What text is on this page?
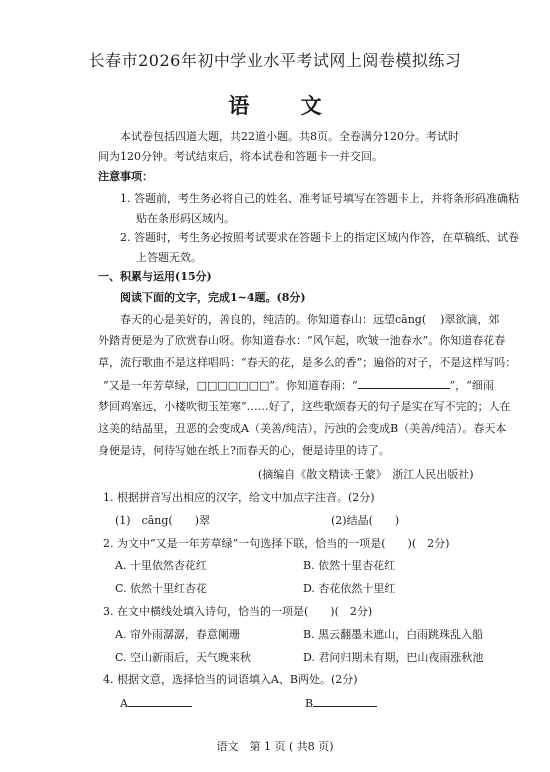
长春市2026年初中学业水平考试网上阅卷模拟练习
语 文
本试卷包括四道大题，共22道小题。共8页。全卷满分120分。考试时
间为120分钟。考试结束后，将本试卷和答题卡一并交回。
注意事项：
1. 答题前，考生务必将自己的姓名、准考证号填写在答题卡上，并将条形码准确粘
贴在条形码区域内。
2. 答题时，考生务必按照考试要求在答题卡上的指定区域内作答，在草稿纸、试卷
上答题无效。
一、积累与运用(15分)
阅读下面的文字，完成1~4题。(8分)
春天的心是美好的，善良的，纯洁的。你知道春山：远望cāng( )翠欲滴，郊
外踏青便是为了欣赏春山呀。你知道春水：“风乍起，吹皱一池春水”。你知道春花春
草，流行歌曲不是这样唱吗：“春天的花，是多么的香”；遍俗的对子，不是这样写吗：
“又是一年芳草绿，□□□□□□□”。你知道春雨：“	”，“细雨
梦回鸡塞远，小楼吹彻玉笙寒”……好了，这些歌颂春天的句子是实在写不完的；人在
这美的结晶里，丑恶的会变成A（美善/纯洁），污浊的会变成B（美善/纯洁）。春天本
身便是诗，何待写她在纸上?而春天的心，便是诗里的诗了。
(摘编自《散文精读·王蒙》　浙江人民出版社)
1. 根据拼音写出相应的汉字，给文中加点字注音。(2分)
(1)　cāng(　　)翠	(2)结晶(　　)
2. 为文中“又是一年芳草绿”一句选择下联，恰当的一项是(　　)(　2分)
A. 十里依然杏花红	B. 依然十里杏花红
C. 依然十里红杏花	D. 杏花依然十里红
3. 在文中横线处填入诗句，恰当的一项是(　　)(　2分)
A. 帘外雨潺潺，春意阑珊	B. 黑云翻墨未遮山，白雨跳珠乱入船
C. 空山新雨后，天气晚来秋	D. 君问归期未有期，巴山夜雨涨秋池
4. 根据文意，选择恰当的词语填入A、B两处。(2分)
A	B
语文　第 1 页 ( 共8 页)
